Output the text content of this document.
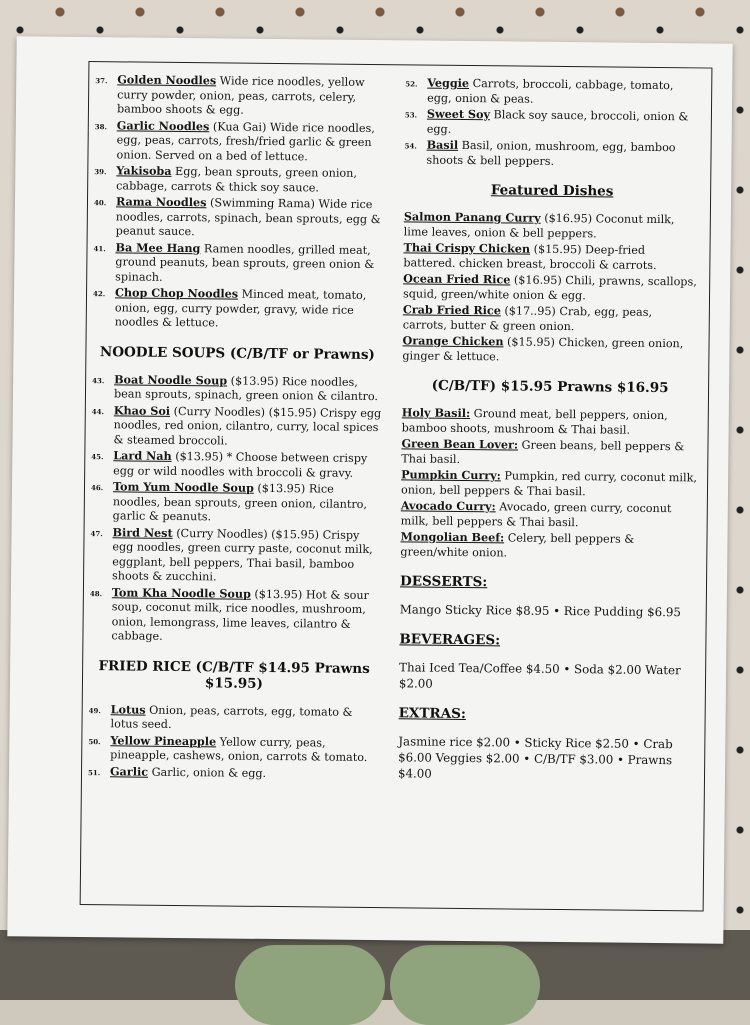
37. Golden Noodles Wide rice noodles, yellow curry powder, onion, peas, carrots, celery, bamboo shoots & egg.
38. Garlic Noodles (Kua Gai) Wide rice noodles, egg, peas, carrots, fresh/fried garlic & green onion. Served on a bed of lettuce.
39. Yakisoba Egg, bean sprouts, green onion, cabbage, carrots & thick soy sauce.
40. Rama Noodles (Swimming Rama) Wide rice noodles, carrots, spinach, bean sprouts, egg & peanut sauce.
41. Ba Mee Hang Ramen noodles, grilled meat, ground peanuts, bean sprouts, green onion & spinach.
42. Chop Chop Noodles Minced meat, tomato, onion, egg, curry powder, gravy, wide rice noodles & lettuce.
NOODLE SOUPS (C/B/TF or Prawns)
43. Boat Noodle Soup ($13.95) Rice noodles, bean sprouts, spinach, green onion & cilantro.
44. Khao Soi (Curry Noodles) ($15.95) Crispy egg noodles, red onion, cilantro, curry, local spices & steamed broccoli.
45. Lard Nah ($13.95) * Choose between crispy egg or wild noodles with broccoli & gravy.
46. Tom Yum Noodle Soup ($13.95) Rice noodles, bean sprouts, green onion, cilantro, garlic & peanuts.
47. Bird Nest (Curry Noodles) ($15.95) Crispy egg noodles, green curry paste, coconut milk, eggplant, bell peppers, Thai basil, bamboo shoots & zucchini.
48. Tom Kha Noodle Soup ($13.95) Hot & sour soup, coconut milk, rice noodles, mushroom, onion, lemongrass, lime leaves, cilantro & cabbage.
FRIED RICE (C/B/TF $14.95 Prawns $15.95)
49. Lotus Onion, peas, carrots, egg, tomato & lotus seed.
50. Yellow Pineapple Yellow curry, peas, pineapple, cashews, onion, carrots & tomato.
51. Garlic Garlic, onion & egg.
52. Veggie Carrots, broccoli, cabbage, tomato, egg, onion & peas.
53. Sweet Soy Black soy sauce, broccoli, onion & egg.
54. Basil Basil, onion, mushroom, egg, bamboo shoots & bell peppers.
Featured Dishes
Salmon Panang Curry ($16.95) Coconut milk, lime leaves, onion & bell peppers.
Thai Crispy Chicken ($15.95) Deep-fried battered. chicken breast, broccoli & carrots.
Ocean Fried Rice ($16.95) Chili, prawns, scallops, squid, green/white onion & egg.
Crab Fried Rice ($17..95) Crab, egg, peas, carrots, butter & green onion.
Orange Chicken ($15.95) Chicken, green onion, ginger & lettuce.
(C/B/TF) $15.95 Prawns $16.95
Holy Basil: Ground meat, bell peppers, onion, bamboo shoots, mushroom & Thai basil.
Green Bean Lover: Green beans, bell peppers & Thai basil.
Pumpkin Curry: Pumpkin, red curry, coconut milk, onion, bell peppers & Thai basil.
Avocado Curry: Avocado, green curry, coconut milk, bell peppers & Thai basil.
Mongolian Beef: Celery, bell peppers & green/white onion.
DESSERTS:
Mango Sticky Rice $8.95 • Rice Pudding $6.95
BEVERAGES:
Thai Iced Tea/Coffee $4.50 • Soda $2.00 Water $2.00
EXTRAS:
Jasmine rice $2.00 • Sticky Rice $2.50 • Crab $6.00 Veggies $2.00 • C/B/TF $3.00 • Prawns $4.00
